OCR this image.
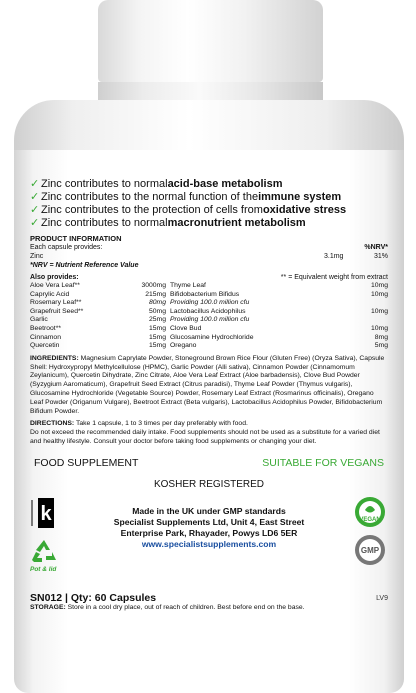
✓ Zinc contributes to normal acid-base metabolism
✓ Zinc contributes to the normal function of the immune system
✓ Zinc contributes to the protection of cells from oxidative stress
✓ Zinc contributes to normal macronutrient metabolism
PRODUCT INFORMATION
Each capsule provides:	%NRV*
Zinc	3.1mg	31%
*NRV = Nutrient Reference Value
Also provides:	** = Equivalent weight from extract
Aloe Vera Leaf**	3000mg Thyme Leaf	10mg
Caprylic Acid	215mg Bifidobacterium Bifidus	10mg
Rosemary Leaf**	80mg Providing 100.0 million cfu
Grapefruit Seed**	50mg Lactobacillus Acidophilus	10mg
Garlic	25mg Providing 100.0 million cfu
Beetroot**	15mg Clove Bud	10mg
Cinnamon	15mg Glucosamine Hydrochloride	8mg
Quercetin	15mg Oregano	5mg
INGREDIENTS: Magnesium Caprylate Powder, Stoneground Brown Rice Flour (Gluten Free) (Oryza Sativa), Capsule Shell: Hydroxypropyl Methylcellulose (HPMC), Garlic Powder (Alli sativa), Cinnamon Powder (Cinnamomum Zeylanicum), Quercetin Dihydrate, Zinc Citrate, Aloe Vera Leaf Extract (Aloe barbadensis), Clove Bud Powder (Syzygium Aaromaticum), Grapefruit Seed Extract (Citrus paradisi), Thyme Leaf Powder (Thymus vulgaris), Glucosamine Hydrochloride (Vegetable Source) Powder, Rosemary Leaf Extract (Rosmarinus officinalis), Oregano Leaf Powder (Origanum Vulgare), Beetroot Extract (Beta vulgaris), Lactobacillus Acidophilus Powder, Bifidobacterium Bifidum Powder.
DIRECTIONS: Take 1 capsule, 1 to 3 times per day preferably with food.
Do not exceed the recommended daily intake. Food supplements should not be used as a substitute for a varied diet and healthy lifestyle. Consult your doctor before taking food supplements or changing your diet.
FOOD SUPPLEMENT	SUITABLE FOR VEGANS
KOSHER REGISTERED
k
Pot & lid
Made in the UK under GMP standards
Specialist Supplements Ltd, Unit 4, East Street
Enterprise Park, Rhayader, Powys LD6 5ER
www.specialistsupplements.com
VEGAN
GMP
SN012 | Qty: 60 Capsules	LV9
STORAGE: Store in a cool dry place, out of reach of children. Best before end on the base.
